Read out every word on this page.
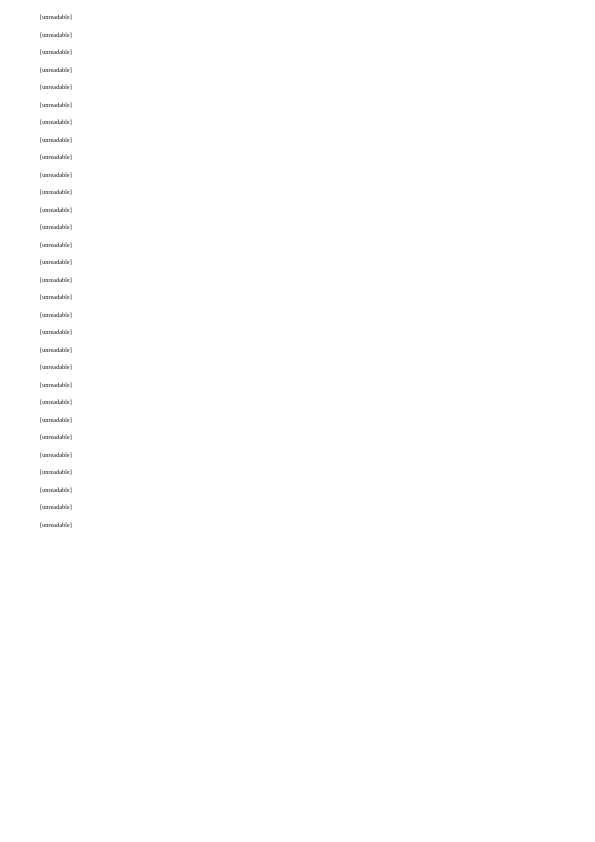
[unreadable]

[unreadable]

[unreadable]

[unreadable]

[unreadable]

[unreadable]

[unreadable]

[unreadable]

[unreadable]

[unreadable]

[unreadable]

[unreadable]

[unreadable]

[unreadable]

[unreadable]

[unreadable]

[unreadable]

[unreadable]

[unreadable]

[unreadable]

[unreadable]

[unreadable]

[unreadable]

[unreadable]

[unreadable]

[unreadable]

[unreadable]

[unreadable]

[unreadable]

[unreadable]
